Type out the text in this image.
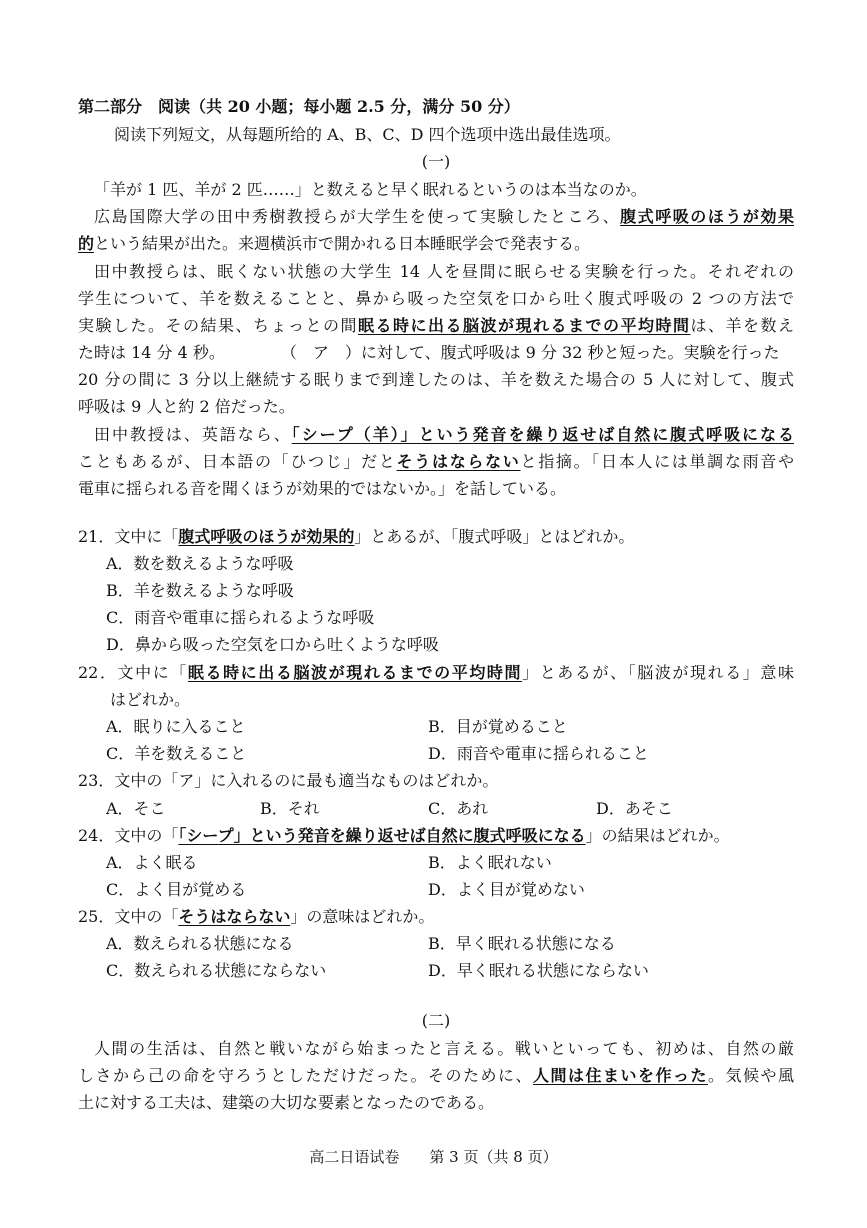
第二部分　阅读（共 20 小题；每小题 2.5 分，满分 50 分）
阅读下列短文，从每题所给的 A、B、C、D 四个选项中选出最佳选项。
(一)
「羊が 1 匹、羊が 2 匹……」と数えると早く眠れるというのは本当なのか。
広島国際大学の田中秀樹教授らが大学生を使って実験したところ、腹式呼吸のほうが効果
的という結果が出た。来週横浜市で開かれる日本睡眠学会で発表する。
田中教授らは、眠くない状態の大学生 14 人を昼間に眠らせる実験を行った。それぞれの
学生について、羊を数えることと、鼻から吸った空気を口から吐く腹式呼吸の 2 つの方法で
実験した。その結果、ちょっとの間眠る時に出る脳波が現れるまでの平均時間は、羊を数え
た時は 14 分 4 秒。	（　ア　）に対して、腹式呼吸は 9 分 32 秒と短った。実験を行った
20 分の間に 3 分以上継続する眠りまで到達したのは、羊を数えた場合の 5 人に対して、腹式
呼吸は 9 人と約 2 倍だった。
田中教授は、英語なら、「シープ（羊）」という発音を繰り返せば自然に腹式呼吸になる
こともあるが、日本語の「ひつじ」だとそうはならないと指摘。「日本人には単調な雨音や
電車に揺られる音を聞くほうが効果的ではないか。」を話している。
21．文中に「腹式呼吸のほうが効果的」とあるが、「腹式呼吸」とはどれか。
A．数を数えるような呼吸
B．羊を数えるような呼吸
C．雨音や電車に揺られるような呼吸
D．鼻から吸った空気を口から吐くような呼吸
22．文中に「眠る時に出る脳波が現れるまでの平均時間」とあるが、「脳波が現れる」意味
はどれか。
A．眠りに入ること	B．目が覚めること
C．羊を数えること	D．雨音や電車に揺られること
23．文中の「ア」に入れるのに最も適当なものはどれか。
A．そこ	B．それ	C．あれ	D．あそこ
24．文中の「「シープ」という発音を繰り返せば自然に腹式呼吸になる」の結果はどれか。
A．よく眠る	B．よく眠れない
C．よく目が覚める	D．よく目が覚めない
25．文中の「そうはならない」の意味はどれか。
A．数えられる状態になる	B．早く眠れる状態になる
C．数えられる状態にならない	D．早く眠れる状態にならない
(二)
人間の生活は、自然と戦いながら始まったと言える。戦いといっても、初めは、自然の厳
しさから己の命を守ろうとしただけだった。そのために、人間は住まいを作った。気候や風
土に対する工夫は、建築の大切な要素となったのである。
高二日语试卷　　第 3 页（共 8 页）
